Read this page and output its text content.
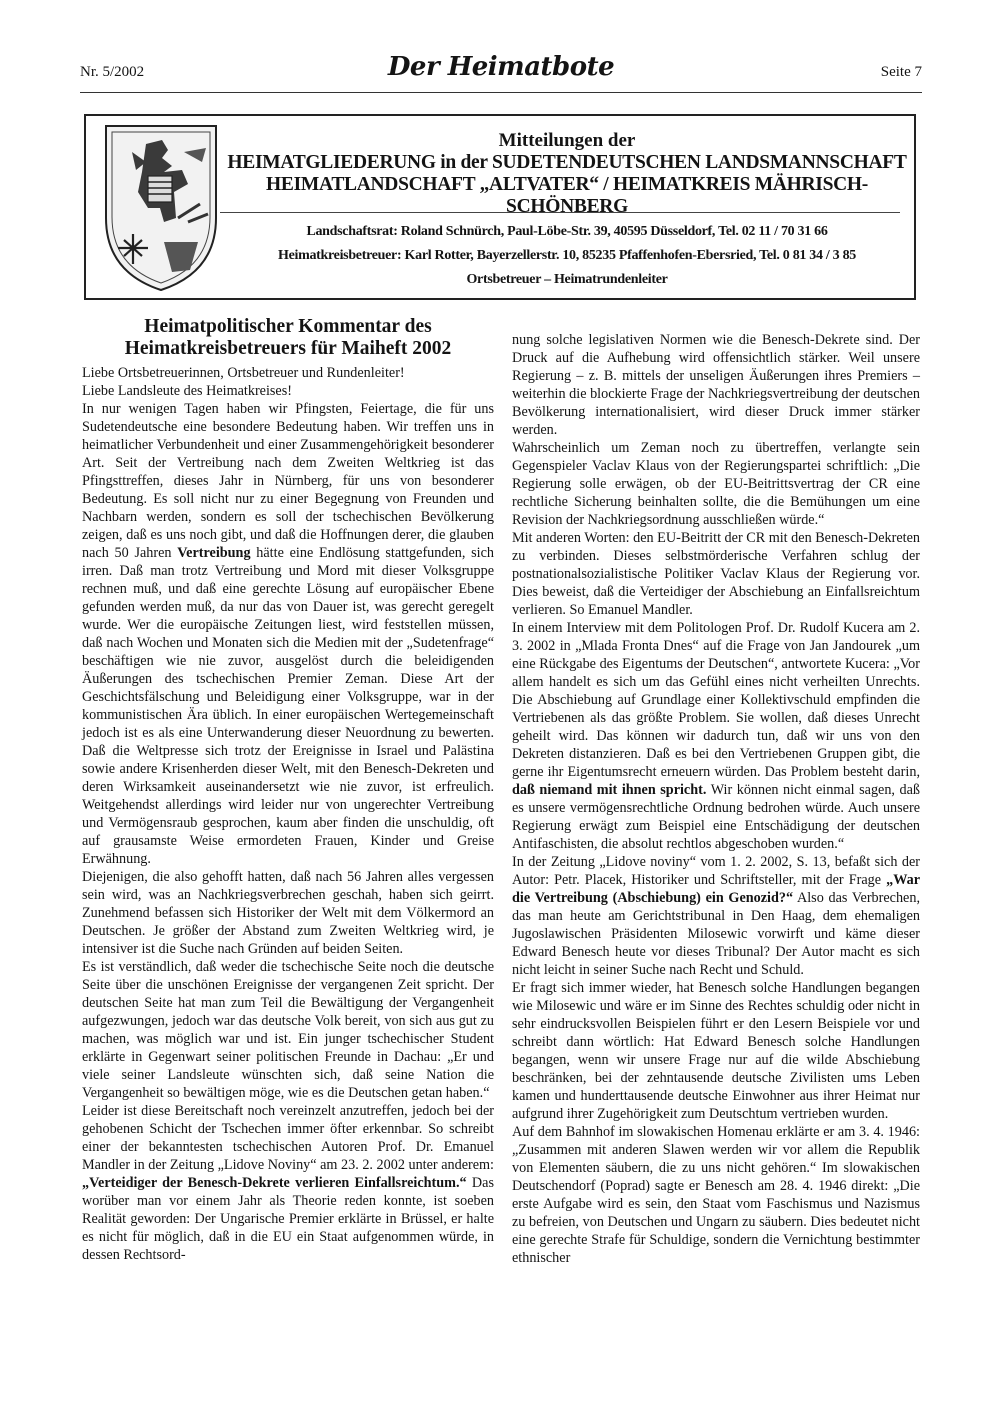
Nr. 5/2002	Der Heimatbote	Seite 7
Mitteilungen der
HEIMATGLIEDERUNG in der SUDETENDEUTSCHEN LANDSMANNSCHAFT
HEIMATLANDSCHAFT „ALTVATER“ / HEIMATKREIS MÄHRISCH-SCHÖNBERG
Landschaftsrat: Roland Schnürch, Paul-Löbe-Str. 39, 40595 Düsseldorf, Tel. 02 11 / 70 31 66
Heimatkreisbetreuer: Karl Rotter, Bayerzellerstr. 10, 85235 Pfaffenhofen-Ebersried, Tel. 0 81 34 / 3 85
Ortsbetreuer – Heimatrundenleiter
Heimatpolitischer Kommentar des
Heimatkreisbetreuers für Maiheft 2002

Liebe Ortsbetreuerinnen, Ortsbetreuer und Rundenleiter!

Liebe Landsleute des Heimatkreises!

In nur wenigen Tagen haben wir Pfingsten, Feiertage, die für uns Sudetendeutsche eine besondere Bedeutung haben. Wir treffen uns in heimatlicher Verbundenheit und einer Zusammengehörigkeit besonderer Art. Seit der Vertreibung nach dem Zweiten Weltkrieg ist das Pfingsttreffen, dieses Jahr in Nürnberg, für uns von besonderer Bedeutung. Es soll nicht nur zu einer Begegnung von Freunden und Nachbarn werden, sondern es soll der tschechischen Bevölkerung zeigen, daß es uns noch gibt, und daß die Hoffnungen derer, die glauben nach 50 Jahren Vertreibung hätte eine Endlösung stattgefunden, sich irren. Daß man trotz Vertreibung und Mord mit dieser Volksgruppe rechnen muß, und daß eine gerechte Lösung auf europäischer Ebene gefunden werden muß, da nur das von Dauer ist, was gerecht geregelt wurde. Wer die europäische Zeitungen liest, wird feststellen müssen, daß nach Wochen und Monaten sich die Medien mit der „Sudetenfrage“ beschäftigen wie nie zuvor, ausgelöst durch die beleidigenden Äußerungen des tschechischen Premier Zeman. Diese Art der Geschichtsfälschung und Beleidigung einer Volksgruppe, war in der kommunistischen Ära üblich. In einer europäischen Wertegemeinschaft jedoch ist es als eine Unterwanderung dieser Neuordnung zu bewerten. Daß die Weltpresse sich trotz der Ereignisse in Israel und Palästina sowie andere Krisenherden dieser Welt, mit den Benesch-Dekreten und deren Wirksamkeit auseinandersetzt wie nie zuvor, ist erfreulich. Weitgehendst allerdings wird leider nur von ungerechter Vertreibung und Vermögensraub gesprochen, kaum aber finden die unschuldig, oft auf grausamste Weise ermordeten Frauen, Kinder und Greise Erwähnung.

Diejenigen, die also gehofft hatten, daß nach 56 Jahren alles vergessen sein wird, was an Nachkriegsverbrechen geschah, haben sich geirrt. Zunehmend befassen sich Historiker der Welt mit dem Völkermord an Deutschen. Je größer der Abstand zum Zweiten Weltkrieg wird, je intensiver ist die Suche nach Gründen auf beiden Seiten.

Es ist verständlich, daß weder die tschechische Seite noch die deutsche Seite über die unschönen Ereignisse der vergangenen Zeit spricht. Der deutschen Seite hat man zum Teil die Bewältigung der Vergangenheit aufgezwungen, jedoch war das deutsche Volk bereit, von sich aus gut zu machen, was möglich war und ist. Ein junger tschechischer Student erklärte in Gegenwart seiner politischen Freunde in Dachau: „Er und viele seiner Landsleute wünschten sich, daß seine Nation die Vergangenheit so bewältigen möge, wie es die Deutschen getan haben.“

Leider ist diese Bereitschaft noch vereinzelt anzutreffen, jedoch bei der gehobenen Schicht der Tschechen immer öfter erkennbar. So schreibt einer der bekanntesten tschechischen Autoren Prof. Dr. Emanuel Mandler in der Zeitung „Lidove Noviny“ am 23. 2. 2002 unter anderem: „Verteidiger der Benesch-Dekrete verlieren Einfallsreichtum.“ Das worüber man vor einem Jahr als Theorie reden konnte, ist soeben Realität geworden: Der Ungarische Premier erklärte in Brüssel, er halte es nicht für möglich, daß in die EU ein Staat aufgenommen würde, in dessen Rechtsord-

nung solche legislativen Normen wie die Benesch-Dekrete sind. Der Druck auf die Aufhebung wird offensichtlich stärker. Weil unsere Regierung – z. B. mittels der unseligen Äußerungen ihres Premiers – weiterhin die blockierte Frage der Nachkriegsvertreibung der deutschen Bevölkerung internationalisiert, wird dieser Druck immer stärker werden.

Wahrscheinlich um Zeman noch zu übertreffen, verlangte sein Gegenspieler Vaclav Klaus von der Regierungspartei schriftlich: „Die Regierung solle erwägen, ob der EU-Beitrittsvertrag der CR eine rechtliche Sicherung beinhalten sollte, die die Bemühungen um eine Revision der Nachkriegsordnung ausschließen würde.“

Mit anderen Worten: den EU-Beitritt der CR mit den Benesch-Dekreten zu verbinden. Dieses selbstmörderische Verfahren schlug der postnationalsozialistische Politiker Vaclav Klaus der Regierung vor. Dies beweist, daß die Verteidiger der Abschiebung an Einfallsreichtum verlieren. So Emanuel Mandler.

In einem Interview mit dem Politologen Prof. Dr. Rudolf Kucera am 2. 3. 2002 in „Mlada Fronta Dnes“ auf die Frage von Jan Jandourek „um eine Rückgabe des Eigentums der Deutschen“, antwortete Kucera: „Vor allem handelt es sich um das Gefühl eines nicht verheilten Unrechts. Die Abschiebung auf Grundlage einer Kollektivschuld empfinden die Vertriebenen als das größte Problem. Sie wollen, daß dieses Unrecht geheilt wird. Das können wir dadurch tun, daß wir uns von den Dekreten distanzieren. Daß es bei den Vertriebenen Gruppen gibt, die gerne ihr Eigentumsrecht erneuern würden. Das Problem besteht darin, daß niemand mit ihnen spricht. Wir können nicht einmal sagen, daß es unsere vermögensrechtliche Ordnung bedrohen würde. Auch unsere Regierung erwägt zum Beispiel eine Entschädigung der deutschen Antifaschisten, die absolut rechtlos abgeschoben wurden.“

In der Zeitung „Lidove noviny“ vom 1. 2. 2002, S. 13, befaßt sich der Autor: Petr. Placek, Historiker und Schriftsteller, mit der Frage „War die Vertreibung (Abschiebung) ein Genozid?“ Also das Verbrechen, das man heute am Gerichtstribunal in Den Haag, dem ehemaligen Jugoslawischen Präsidenten Milosewic vorwirft und käme dieser Edward Benesch heute vor dieses Tribunal? Der Autor macht es sich nicht leicht in seiner Suche nach Recht und Schuld.

Er fragt sich immer wieder, hat Benesch solche Handlungen begangen wie Milosewic und wäre er im Sinne des Rechtes schuldig oder nicht in sehr eindrucksvollen Beispielen führt er den Lesern Beispiele vor und schreibt dann wörtlich: Hat Edward Benesch solche Handlungen begangen, wenn wir unsere Frage nur auf die wilde Abschiebung beschränken, bei der zehntausende deutsche Zivilisten ums Leben kamen und hunderttausende deutsche Einwohner aus ihrer Heimat nur aufgrund ihrer Zugehörigkeit zum Deutschtum vertrieben wurden.

Auf dem Bahnhof im slowakischen Homenau erklärte er am 3. 4. 1946: „Zusammen mit anderen Slawen werden wir vor allem die Republik von Elementen säubern, die zu uns nicht gehören.“ Im slowakischen Deutschendorf (Poprad) sagte er Benesch am 28. 4. 1946 direkt: „Die erste Aufgabe wird es sein, den Staat vom Faschismus und Nazismus zu befreien, von Deutschen und Ungarn zu säubern. Dies bedeutet nicht eine gerechte Strafe für Schuldige, sondern die Vernichtung bestimmter ethnischer
